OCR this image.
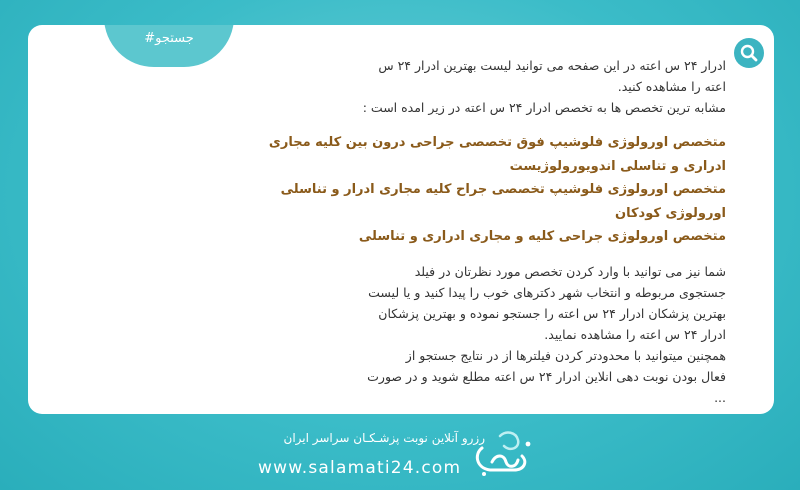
#جستجو

ادرار ۲۴ س اعته در این صفحه می توانید لیست بهترین ادرار ۲۴ س

اعته را مشاهده کنید.

مشابه ترین تخصص ها به تخصص ادرار ۲۴ س اعته در زیر امده است :

متخصص اورولوژی فلوشیپ فوق تخصصی جراحی درون بین کلیه مجاری
ادراری و تناسلی اندویورولوژیست
متخصص اورولوژی فلوشیپ تخصصی جراح کلیه مجاری ادرار و تناسلی
اورولوژی کودکان
متخصص اورولوژی جراحی کلیه و مجاری ادراری و تناسلی

شما نیز می توانید با وارد کردن تخصص مورد نظرتان در فیلد

جستجوی مربوطه و انتخاب شهر دکترهای خوب را پیدا کنید و یا لیست

بهترین پزشکان ادرار ۲۴ س اعته را جستجو نموده و بهترین پزشکان

ادرار ۲۴ س اعته را مشاهده نمایید.

همچنین میتوانید با محدودتر کردن فیلترها از در نتایج جستجو از

فعال بودن نوبت دهی انلاین ادرار ۲۴ س اعته مطلع شوید و در صورت

...

رزرو آنلاین نوبت پزشـکـان سراسر ایران
www.salamati24.com
